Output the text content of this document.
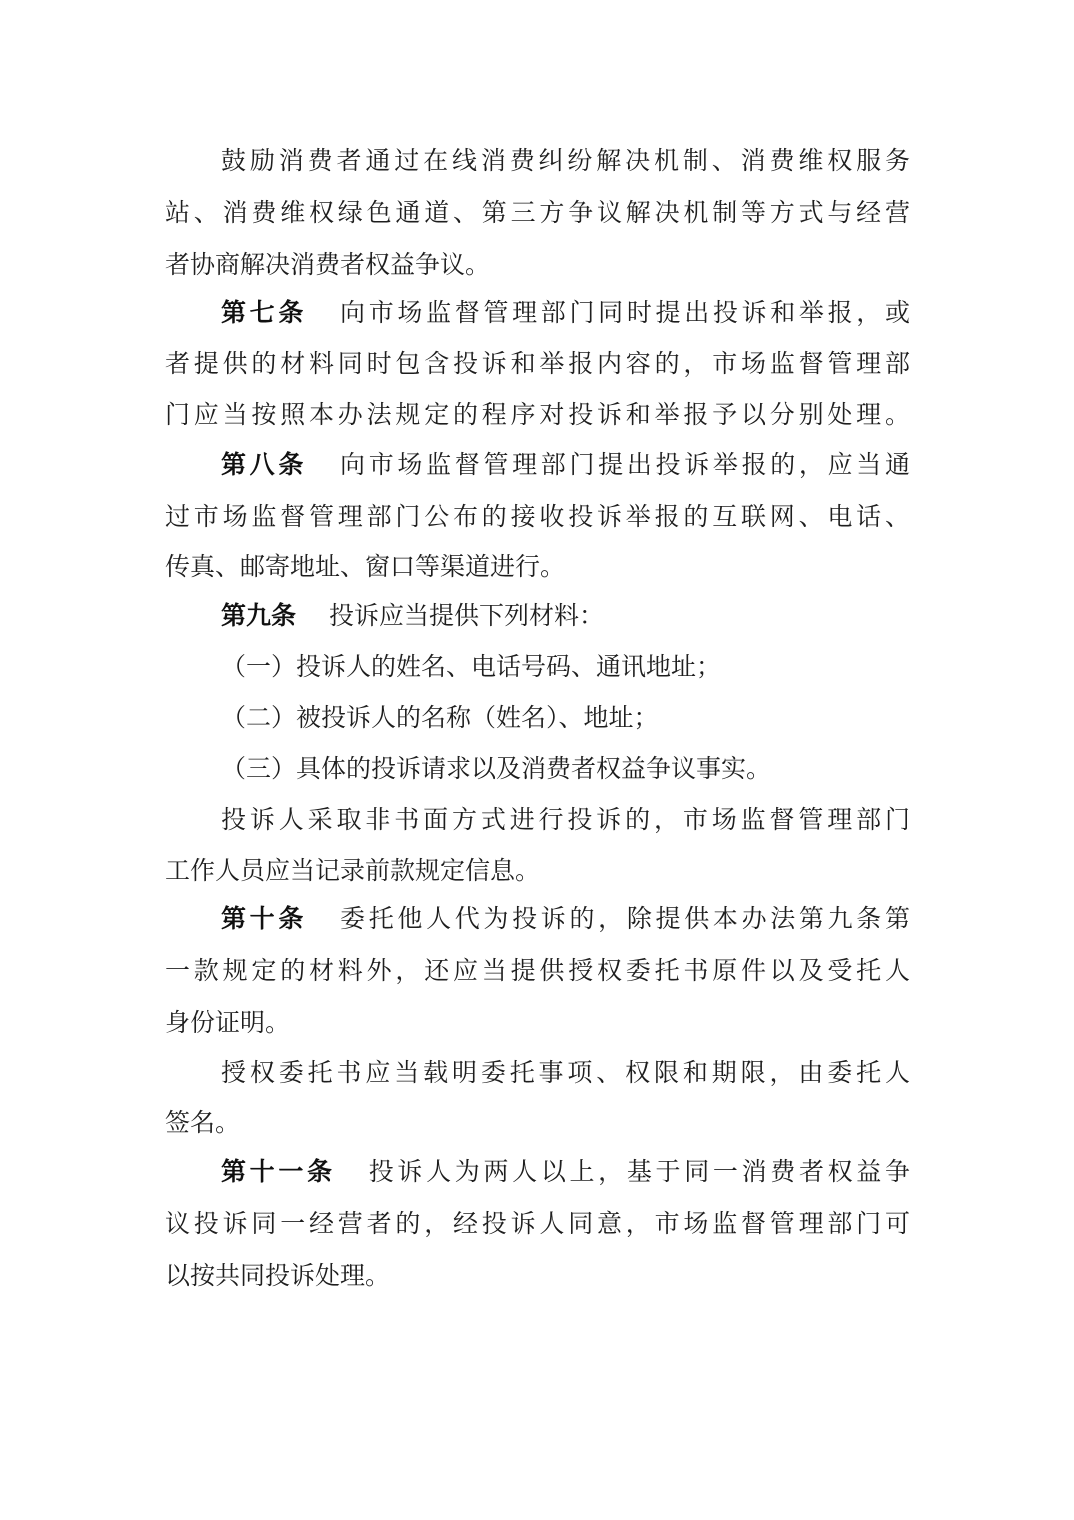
鼓励消费者通过在线消费纠纷解决机制、消费维权服务
站、消费维权绿色通道、第三方争议解决机制等方式与经营
者协商解决消费者权益争议。
第七条 向市场监督管理部门同时提出投诉和举报，或
者提供的材料同时包含投诉和举报内容的，市场监督管理部
门应当按照本办法规定的程序对投诉和举报予以分别处理。
第八条 向市场监督管理部门提出投诉举报的，应当通
过市场监督管理部门公布的接收投诉举报的互联网、电话、
传真、邮寄地址、窗口等渠道进行。
第九条 投诉应当提供下列材料：
（一）投诉人的姓名、电话号码、通讯地址；
（二）被投诉人的名称（姓名）、地址；
（三）具体的投诉请求以及消费者权益争议事实。
投诉人采取非书面方式进行投诉的，市场监督管理部门
工作人员应当记录前款规定信息。
第十条 委托他人代为投诉的，除提供本办法第九条第
一款规定的材料外，还应当提供授权委托书原件以及受托人
身份证明。
授权委托书应当载明委托事项、权限和期限，由委托人
签名。
第十一条 投诉人为两人以上，基于同一消费者权益争
议投诉同一经营者的，经投诉人同意，市场监督管理部门可
以按共同投诉处理。
